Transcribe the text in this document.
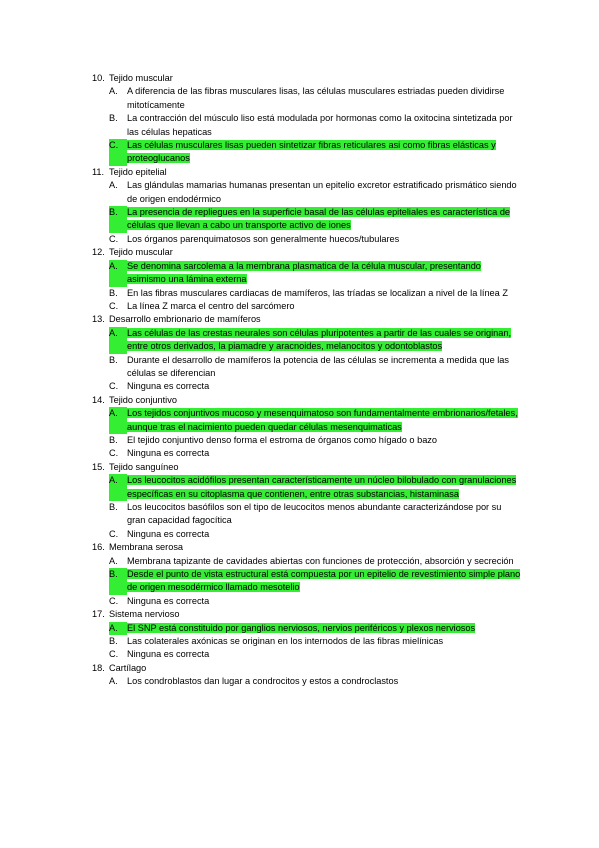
10. Tejido muscular
A.	A diferencia de las fibras musculares lisas, las células musculares estriadas pueden dividirse mitotícamente
B.	La contracción del músculo liso está modulada por hormonas como la oxitocina sintetizada por las células hepaticas
C. Las células musculares lisas pueden sintetizar fibras reticulares asi como fibras elásticas y proteoglucanos
11. Tejido epitelial
A.	Las glándulas mamarias humanas presentan un epitelio excretor estratificado prismático siendo de origen endodérmico
B.	La presencia de repliegues en la superficie basal de las células epiteliales es característica de células que llevan a cabo un transporte activo de iones
C. Los órganos parenquimatosos son generalmente huecos/tubulares
12. Tejido muscular
A.	Se denomina sarcolema a la membrana plasmatica de la célula muscular, presentando asimismo una lámina externa
B.	En las fibras musculares cardiacas de mamíferos, las tríadas se localizan a nivel de la línea Z
C. La línea Z marca el centro del sarcómero
13. Desarrollo embrionario de mamíferos
A.	Las células de las crestas neurales son células pluripotentes a partir de las cuales se originan, entre otros derivados, la piamadre y aracnoides, melanocitos y odontoblastos
B.	Durante el desarrollo de mamíferos la potencia de las células se incrementa a medida que las células se diferencian
C. Ninguna es correcta
14. Tejido conjuntivo
A.	Los tejidos conjuntivos mucoso y mesenquimatoso son fundamentalmente embrionarios/fetales, aunque tras el nacimiento pueden quedar células mesenquimaticas
B.	El tejido conjuntivo denso forma el estroma de órganos como hígado o bazo
C. Ninguna es correcta
15. Tejido sanguíneo
A.	Los leucocitos acidófilos presentan característicamente un núcleo bilobulado con granulaciones específicas en su citoplasma que contienen, entre otras substancias, histaminasa
B.	Los leucocitos basófilos son el tipo de leucocitos menos abundante caracterizándose por su gran capacidad fagocítica
C. Ninguna es correcta
16. Membrana serosa
A.	Membrana tapizante de cavidades abiertas con funciones de protección, absorción y secreción
B.	Desde el punto de vista estructural está compuesta por un epitelio de revestimiento simple plano de origen mesodérmico llamado mesotelio
C. Ninguna es correcta
17. Sistema nervioso
A.	El SNP está constituido por ganglios nerviosos, nervios periféricos y plexos nerviosos
B.	Las colaterales axónicas se originan en los internodos de las fibras mielínicas
C. Ninguna es correcta
18. Cartílago
A.	Los condroblastos dan lugar a condrocitos y estos a condroclastos
